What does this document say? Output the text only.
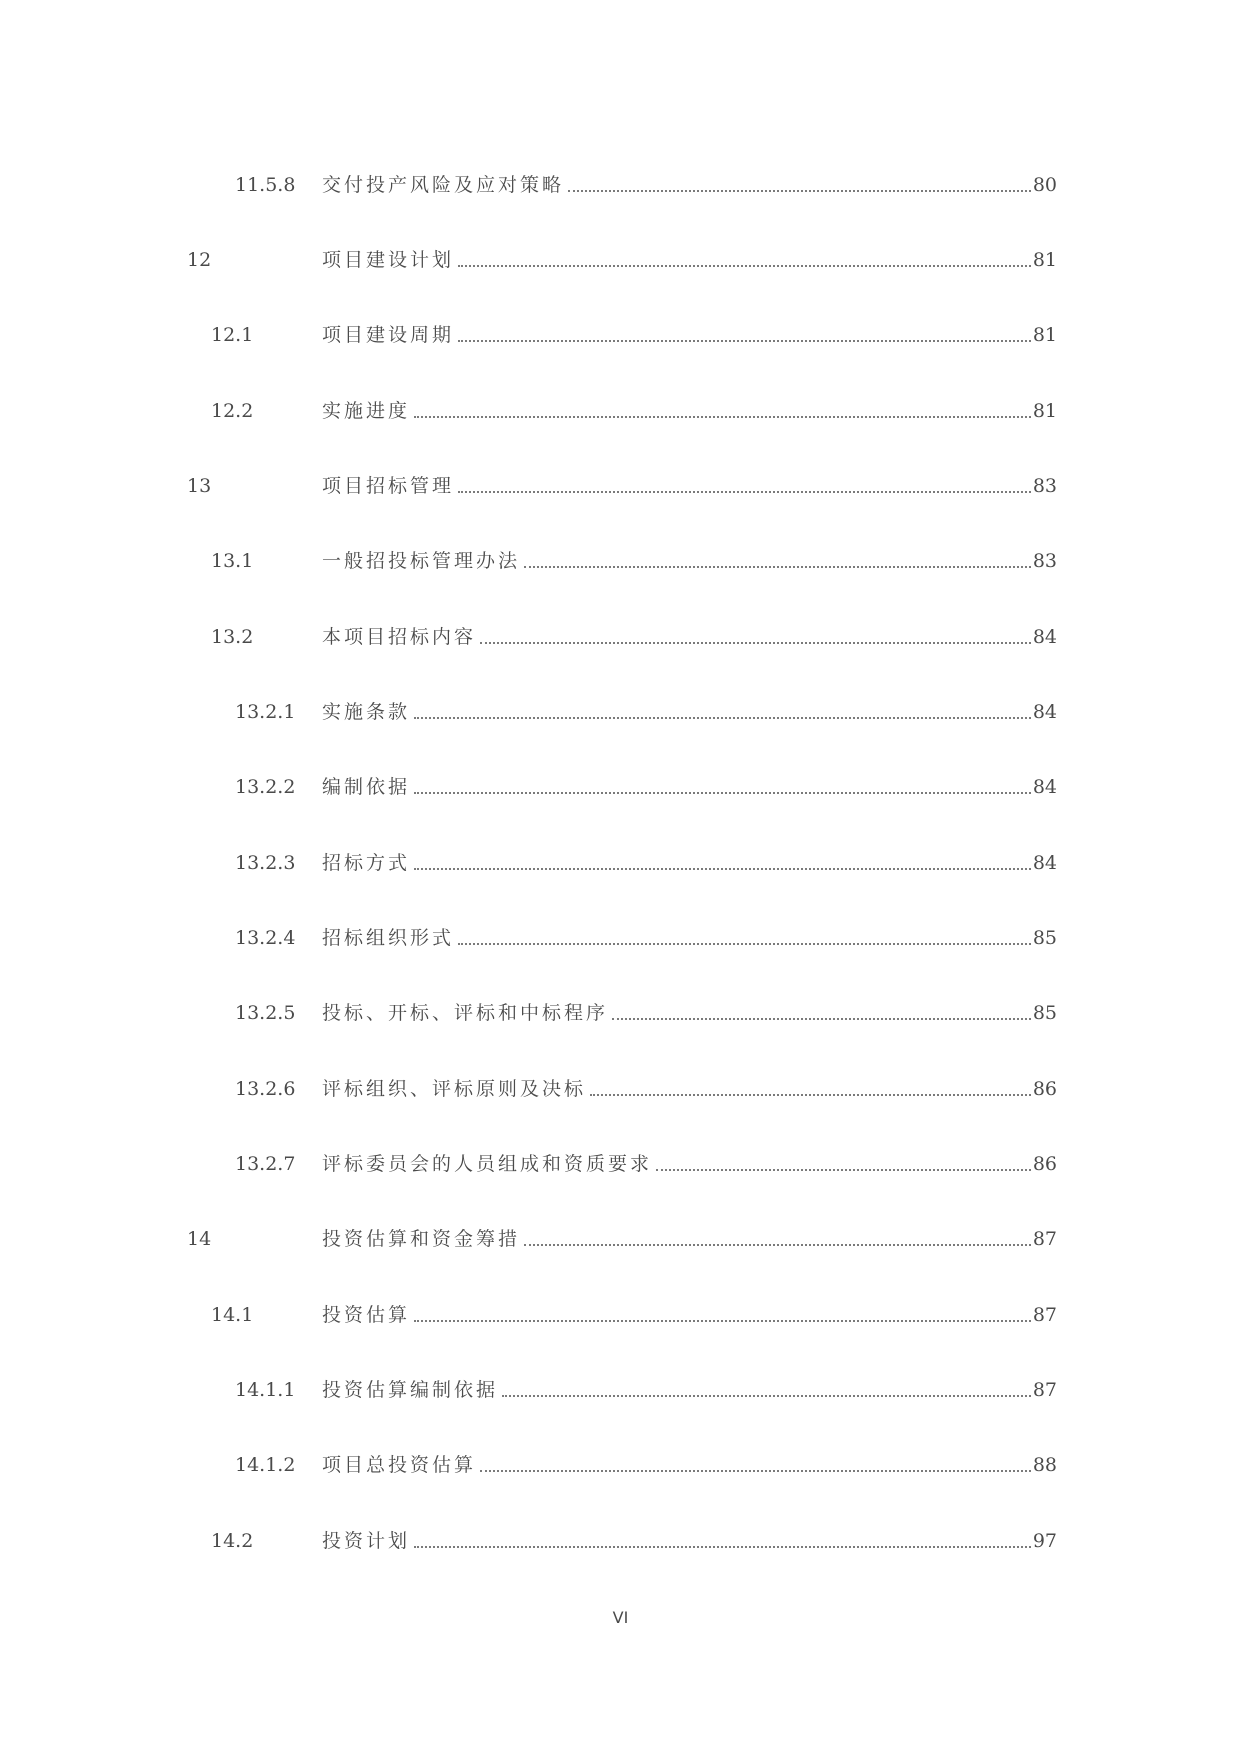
11.5.8 交付投产风险及应对策略	80
12	项目建设计划	81
12.1	项目建设周期	81
12.2	实施进度	81
13	项目招标管理	83
13.1	一般招投标管理办法	83
13.2	本项目招标内容	84
13.2.1 实施条款	84
13.2.2 编制依据	84
13.2.3 招标方式	84
13.2.4 招标组织形式	85
13.2.5 投标、开标、评标和中标程序	85
13.2.6 评标组织、评标原则及决标	86
13.2.7 评标委员会的人员组成和资质要求	86
14	投资估算和资金筹措	87
14.1	投资估算	87
14.1.1 投资估算编制依据	87
14.1.2 项目总投资估算	88
14.2	投资计划	97
VI
